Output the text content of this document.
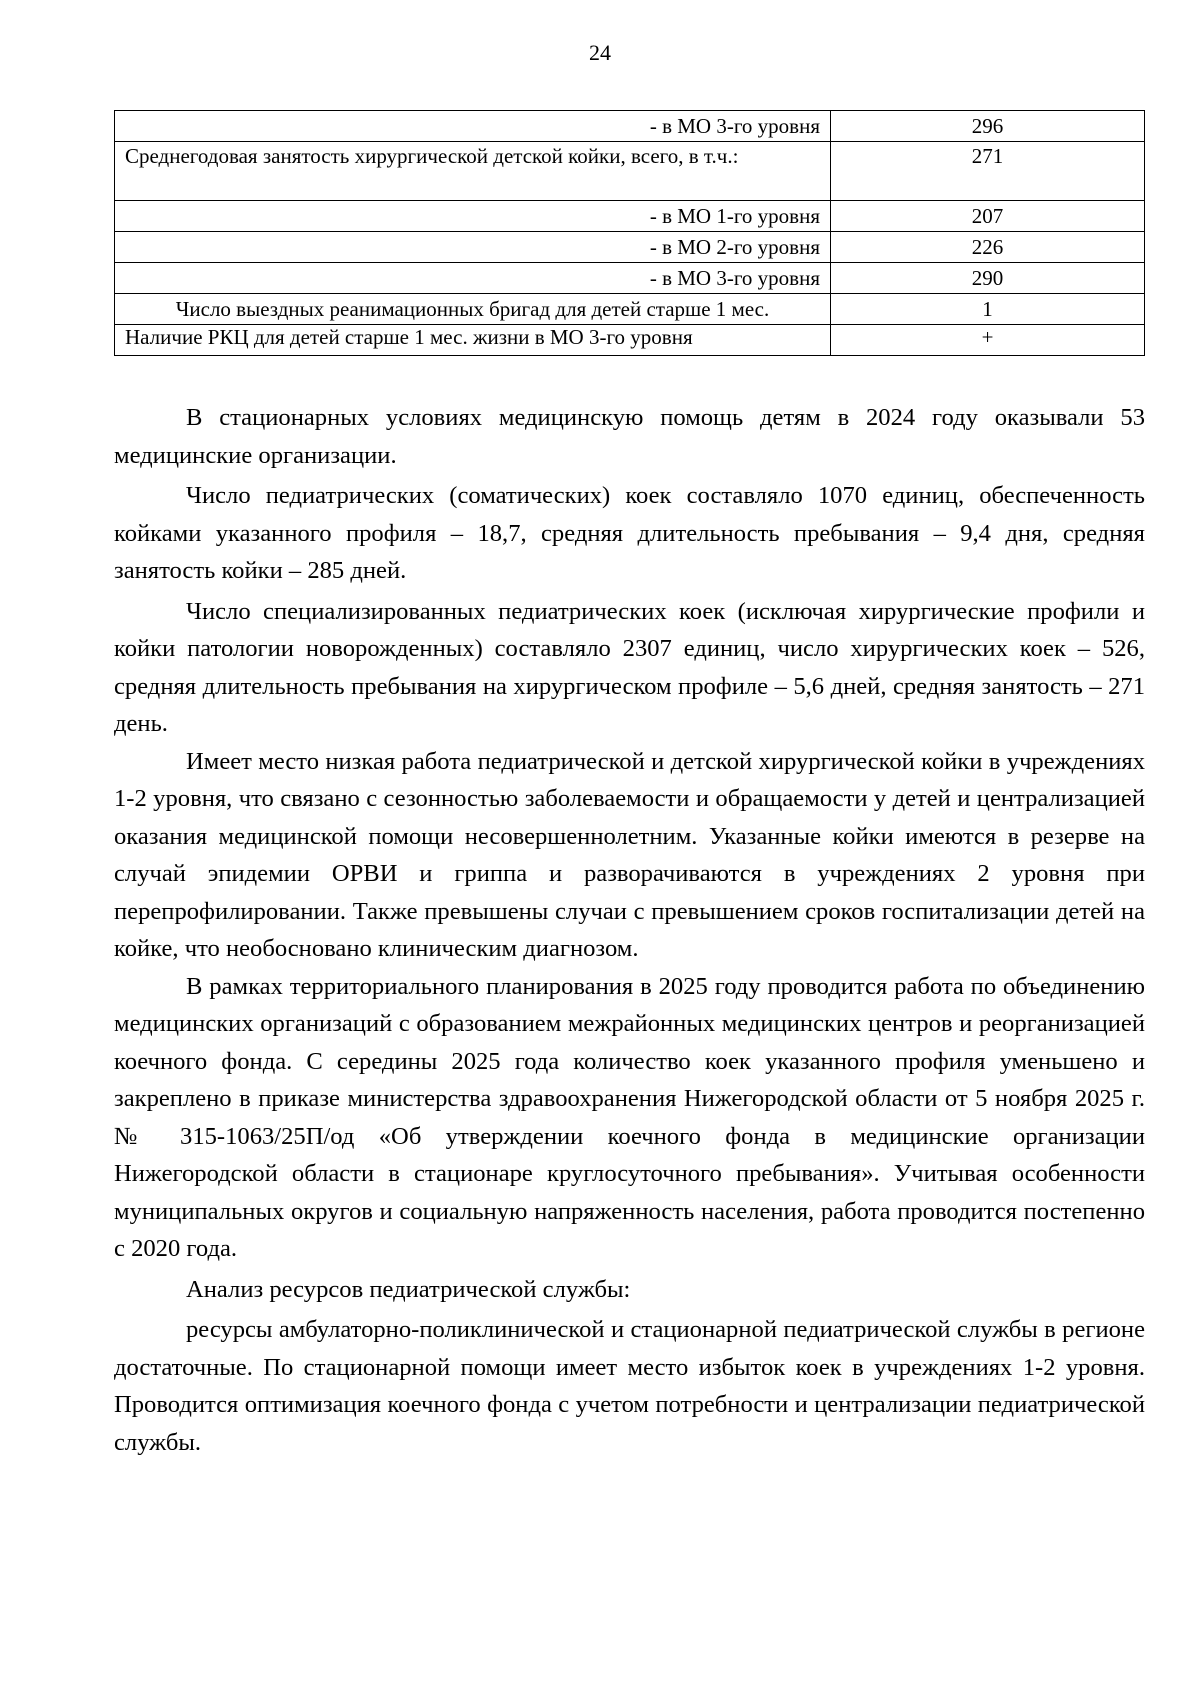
24
- в МО 3-го уровня	296
Среднегодовая занятость хирургической детской койки, всего, в т.ч.:	271
- в МО 1-го уровня	207
- в МО 2-го уровня	226
- в МО 3-го уровня	290
Число выездных реанимационных бригад для детей старше 1 мес.	1
Наличие РКЦ для детей старше 1 мес. жизни в МО 3-го уровня	+

В стационарных условиях медицинскую помощь детям в 2024 году оказывали 53 медицинские организации.

Число педиатрических (соматических) коек составляло 1070 единиц, обеспеченность койками указанного профиля – 18,7, средняя длительность пребывания – 9,4 дня, средняя занятость койки – 285 дней.

Число специализированных педиатрических коек (исключая хирургические профили и койки патологии новорожденных) составляло 2307 единиц, число хирургических коек – 526, средняя длительность пребывания на хирургическом профиле – 5,6 дней, средняя занятость – 271 день.

Имеет место низкая работа педиатрической и детской хирургической койки в учреждениях 1-2 уровня, что связано с сезонностью заболеваемости и обращаемости у детей и централизацией оказания медицинской помощи несовершеннолетним. Указанные койки имеются в резерве на случай эпидемии ОРВИ и гриппа и разворачиваются в учреждениях 2 уровня при перепрофилировании. Также превышены случаи с превышением сроков госпитализации детей на койке, что необосновано клиническим диагнозом.

В рамках территориального планирования в 2025 году проводится работа по объединению медицинских организаций с образованием межрайонных медицинских центров и реорганизацией коечного фонда. С середины 2025 года количество коек указанного профиля уменьшено и закреплено в приказе министерства здравоохранения Нижегородской области от 5 ноября 2025 г. № 315-1063/25П/од «Об утверждении коечного фонда в медицинские организации Нижегородской области в стационаре круглосуточного пребывания». Учитывая особенности муниципальных округов и социальную напряженность населения, работа проводится постепенно с 2020 года.

Анализ ресурсов педиатрической службы:

ресурсы амбулаторно-поликлинической и стационарной педиатрической службы в регионе достаточные. По стационарной помощи имеет место избыток коек в учреждениях 1-2 уровня. Проводится оптимизация коечного фонда с учетом потребности и централизации педиатрической службы.
